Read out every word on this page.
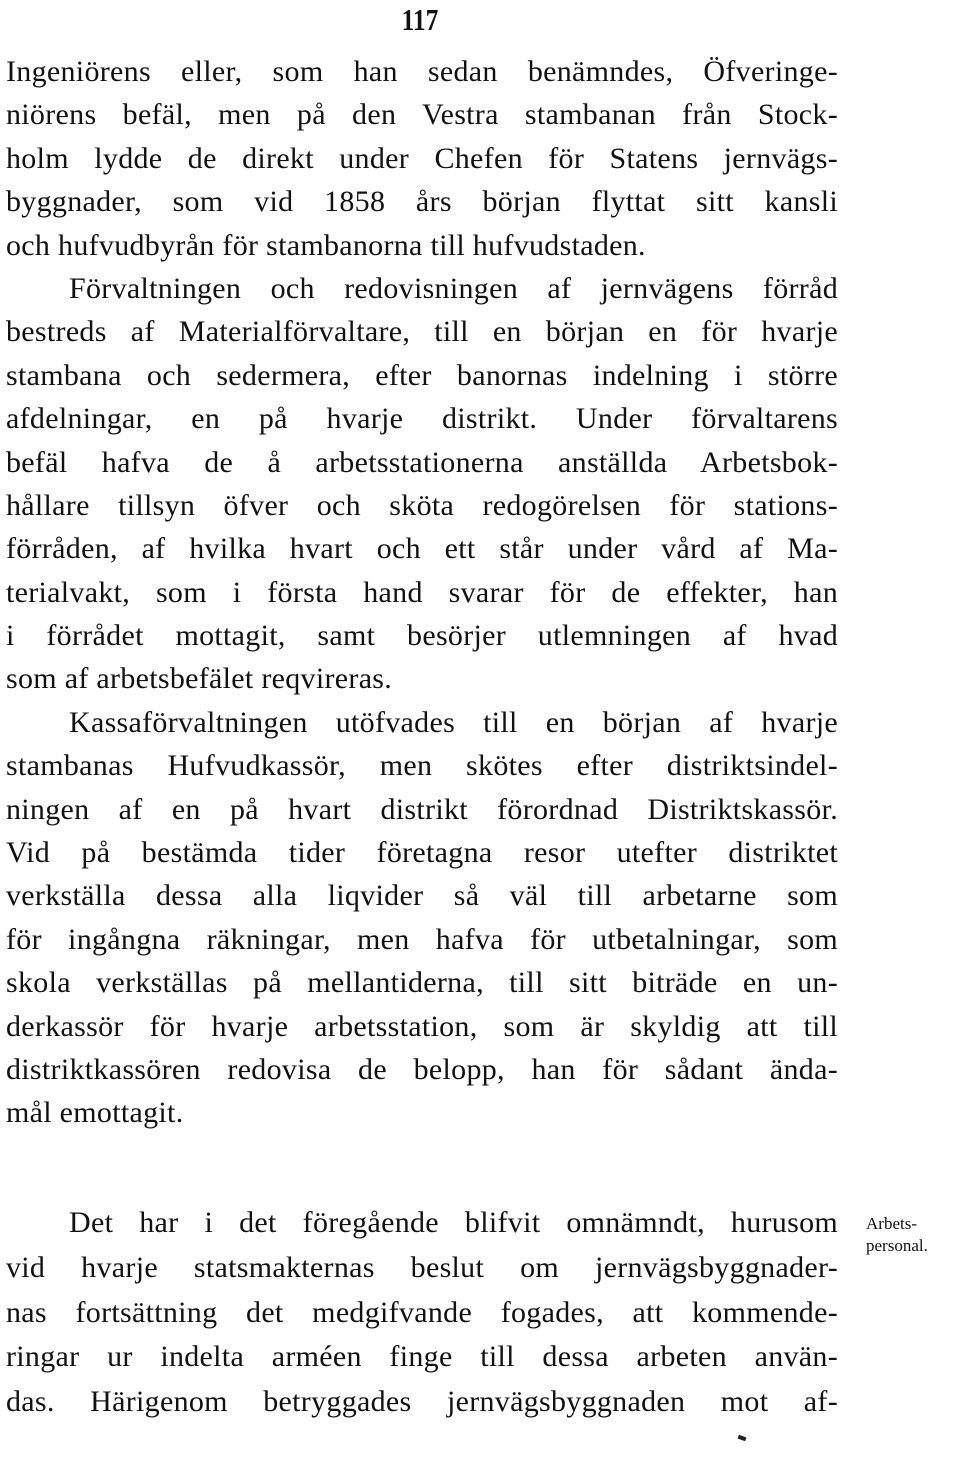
117
Ingeniörens eller, som han sedan benämndes, Öfveringe-
niörens befäl, men på den Vestra stambanan från Stock-
holm lydde de direkt under Chefen för Statens jernvägs-
byggnader, som vid 1858 års början flyttat sitt kansli
och hufvudbyrån för stambanorna till hufvudstaden.
Förvaltningen och redovisningen af jernvägens förråd
bestreds af Materialförvaltare, till en början en för hvarje
stambana och sedermera, efter banornas indelning i större
afdelningar, en på hvarje distrikt. Under förvaltarens
befäl hafva de å arbetsstationerna anställda Arbetsbok-
hållare tillsyn öfver och sköta redogörelsen för stations-
förråden, af hvilka hvart och ett står under vård af Ma-
terialvakt, som i första hand svarar för de effekter, han
i förrådet mottagit, samt besörjer utlemningen af hvad
som af arbetsbefälet reqvireras.
Kassaförvaltningen utöfvades till en början af hvarje
stambanas Hufvudkassör, men skötes efter distriktsindel-
ningen af en på hvart distrikt förordnad Distriktskassör.
Vid på bestämda tider företagna resor utefter distriktet
verkställa dessa alla liqvider så väl till arbetarne som
för ingångna räkningar, men hafva för utbetalningar, som
skola verkställas på mellantiderna, till sitt biträde en un-
derkassör för hvarje arbetsstation, som är skyldig att till
distriktkassören redovisa de belopp, han för sådant ända-
mål emottagit.
Det har i det föregående blifvit omnämndt, hurusom
vid hvarje statsmakternas beslut om jernvägsbyggnader-
nas fortsättning det medgifvande fogades, att kommende-
ringar ur indelta arméen finge till dessa arbeten använ-
das. Härigenom betryggades jernvägsbyggnaden mot af-
Arbets-
personal.
